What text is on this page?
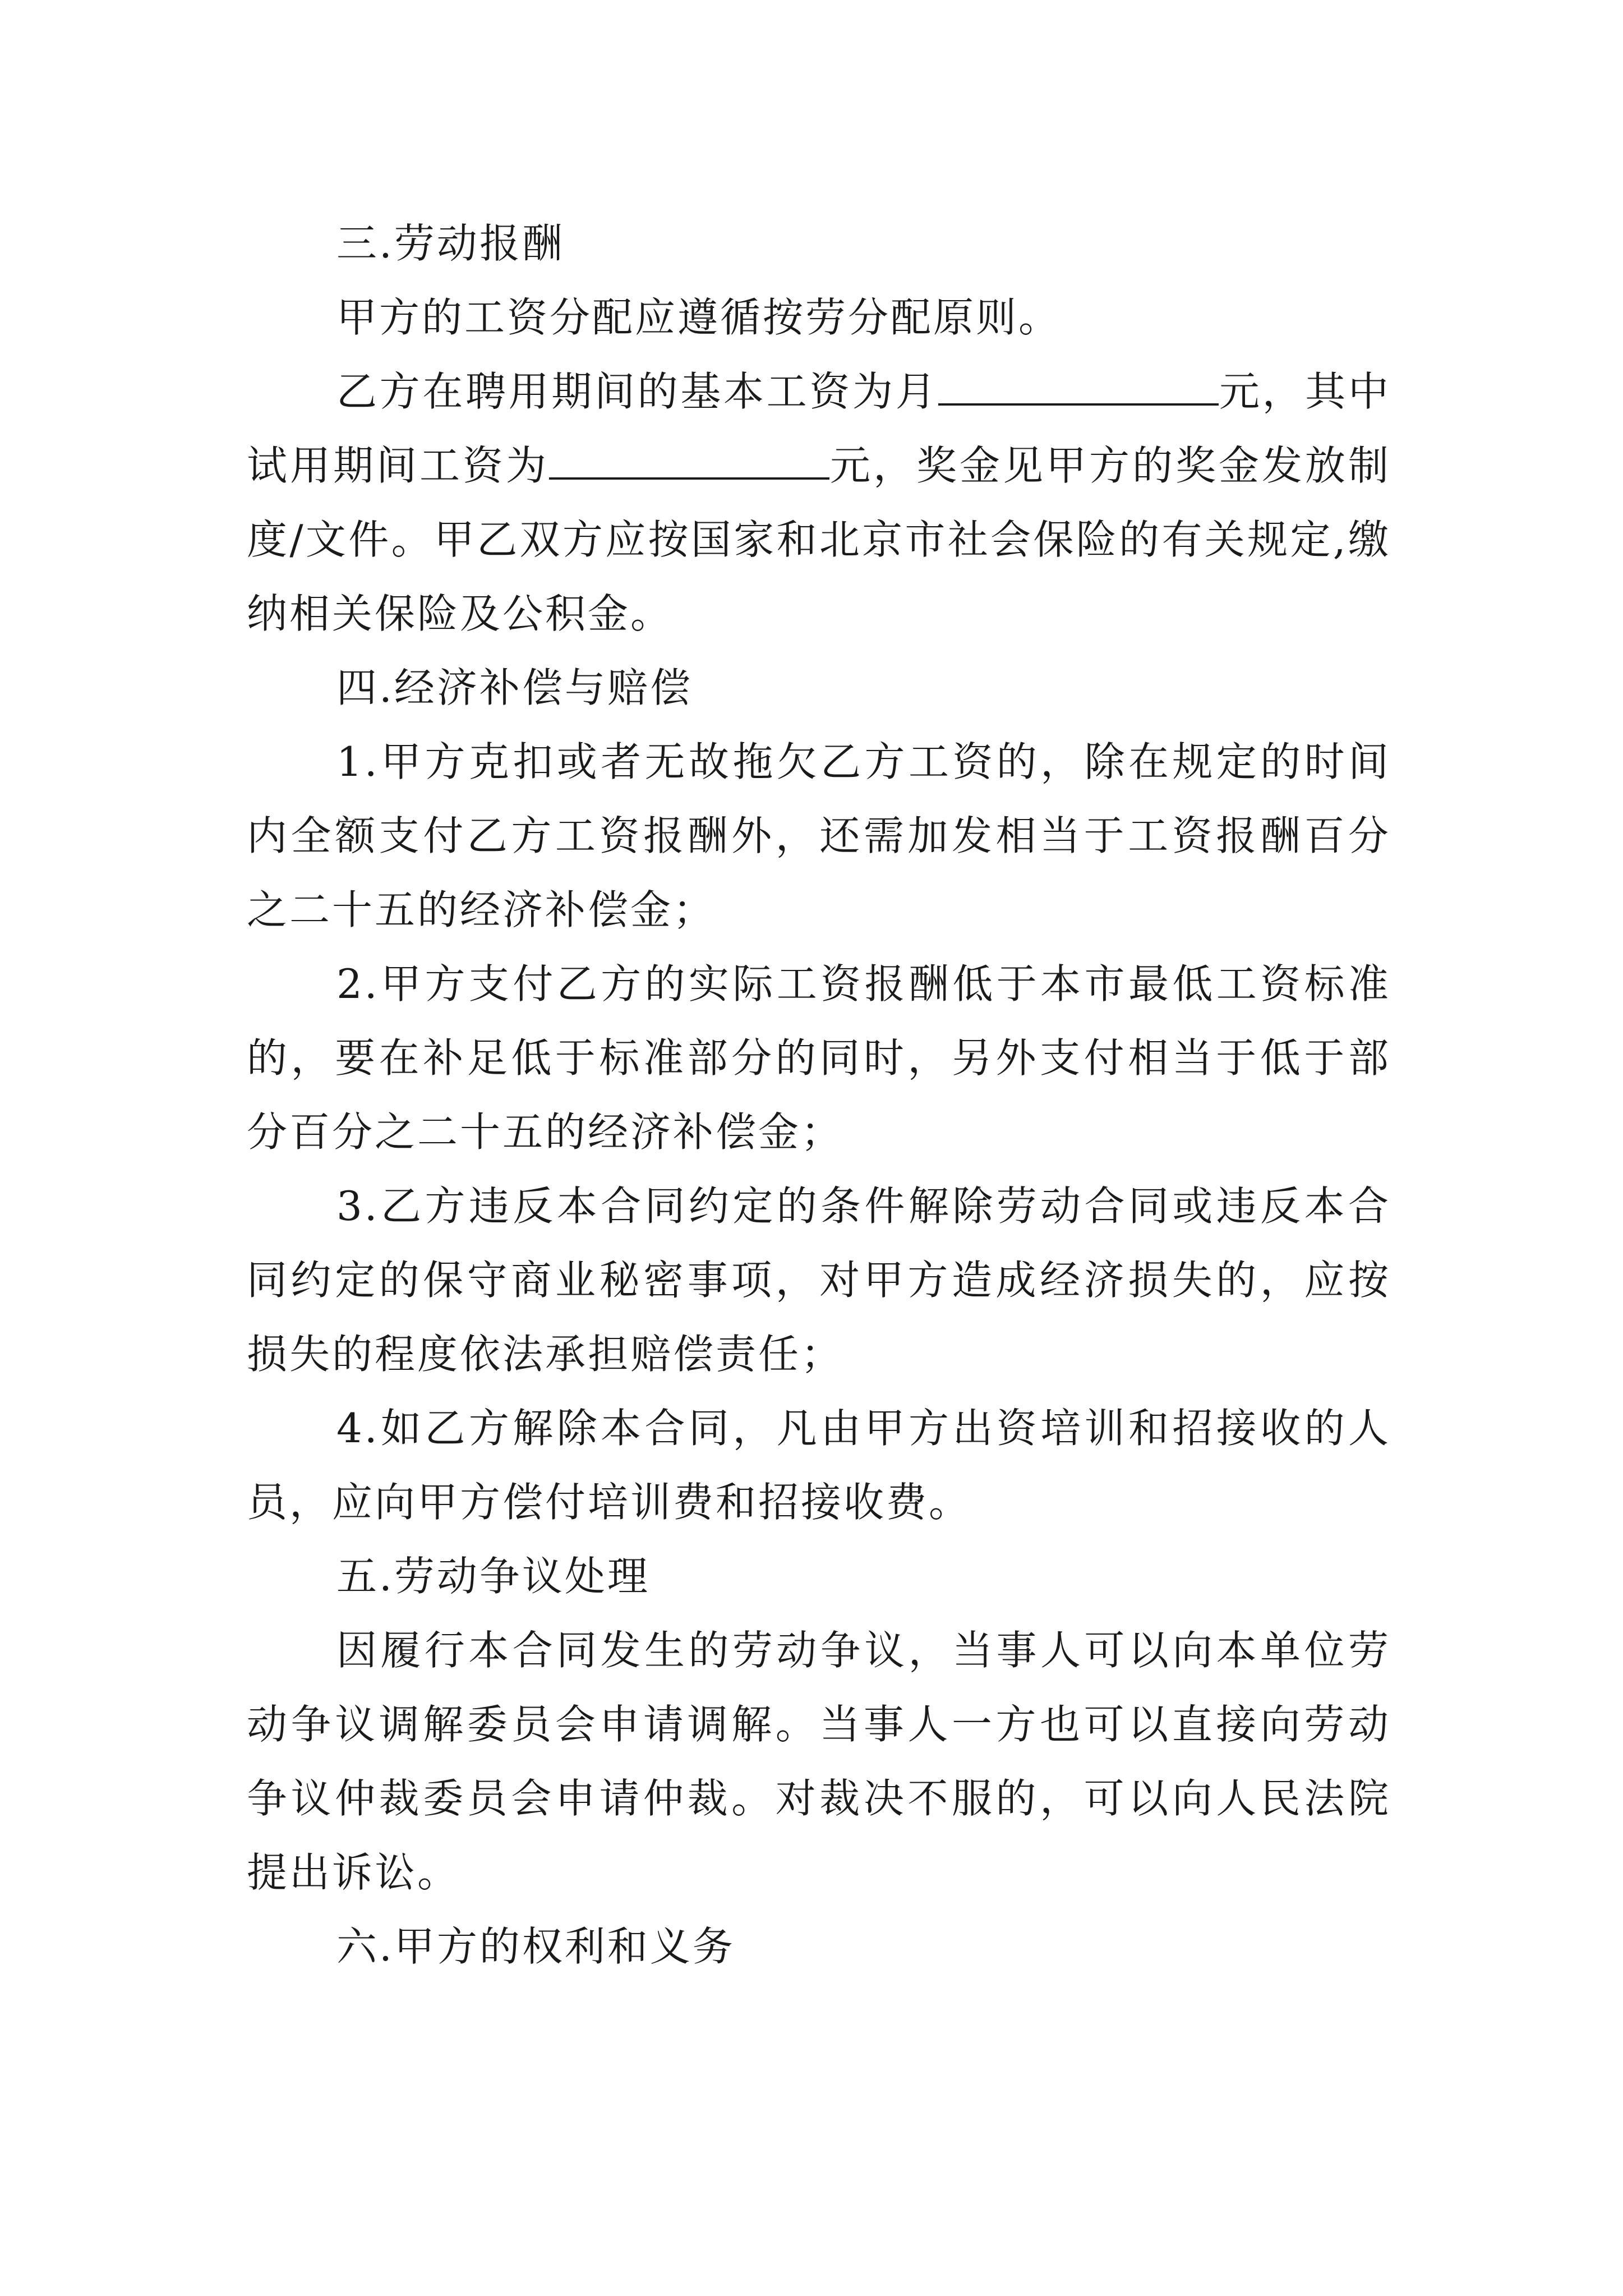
三.劳动报酬

甲方的工资分配应遵循按劳分配原则。

乙方在聘用期间的基本工资为月	元，其中试用期间工资为	元，奖金见甲方的奖金发放制度/文件。甲乙双方应按国家和北京市社会保险的有关规定,缴纳相关保险及公积金。

四.经济补偿与赔偿

1.甲方克扣或者无故拖欠乙方工资的，除在规定的时间内全额支付乙方工资报酬外，还需加发相当于工资报酬百分之二十五的经济补偿金；

2.甲方支付乙方的实际工资报酬低于本市最低工资标准的，要在补足低于标准部分的同时，另外支付相当于低于部分百分之二十五的经济补偿金；

3.乙方违反本合同约定的条件解除劳动合同或违反本合同约定的保守商业秘密事项，对甲方造成经济损失的，应按损失的程度依法承担赔偿责任；

4.如乙方解除本合同，凡由甲方出资培训和招接收的人员，应向甲方偿付培训费和招接收费。

五.劳动争议处理

因履行本合同发生的劳动争议，当事人可以向本单位劳动争议调解委员会申请调解。当事人一方也可以直接向劳动争议仲裁委员会申请仲裁。对裁决不服的，可以向人民法院提出诉讼。

六.甲方的权利和义务
